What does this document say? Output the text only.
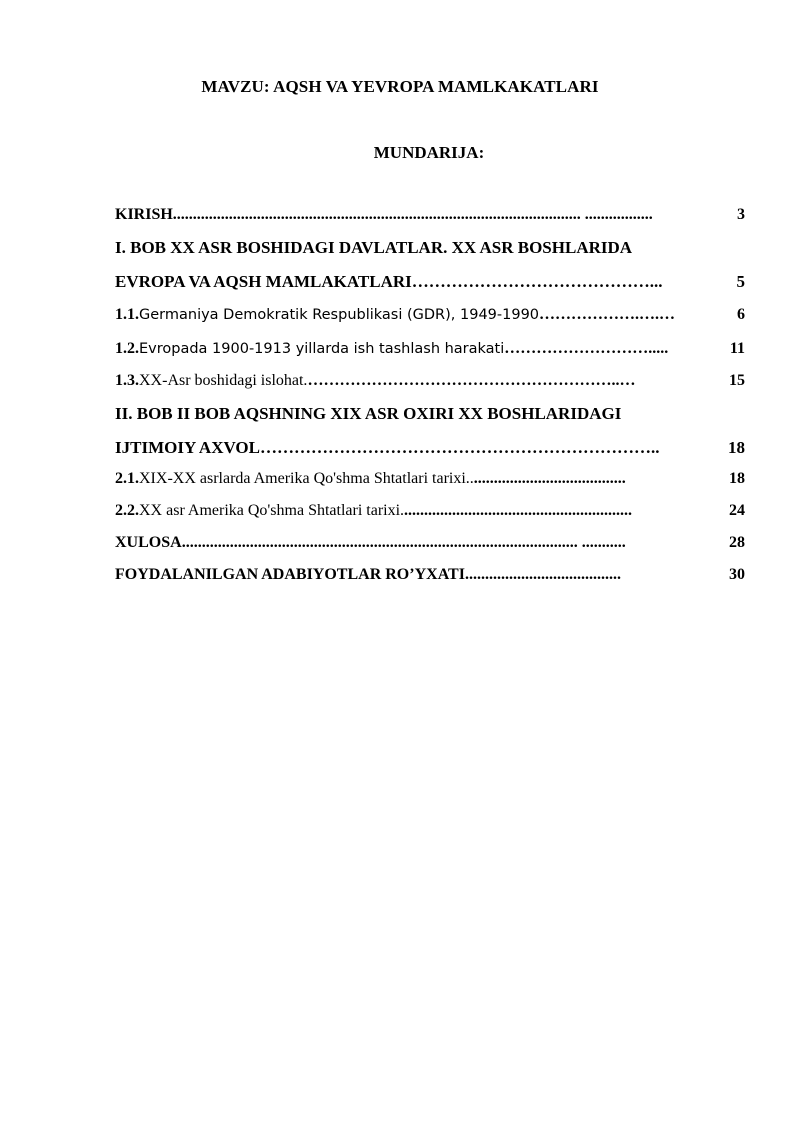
MAVZU: AQSH VA YEVROPA MAMLKAKATLARI
MUNDARIJA:
KIRISH ...................................................................................................... .................	3
I. BOB XX ASR BOSHIDAGI DAVLATLAR. XX ASR BOSHLARIDA
EVROPA VA AQSH MAMLAKATLARI ……………………………………...	5
1.1. Germaniya Demokratik Respublikasi (GDR), 1949-1990 ……………….….…	6
1.2. Evropada 1900-1913 yillarda ish tashlash harakati ……………………….....	11
1.3. XX-Asr boshidagi islohat. …………………………………………………..…	15
II. BOB II BOB AQSHNING XIX ASR OXIRI XX BOSHLARIDAGI
IJTIMOIY AXVOL ……………………………………………………………..	18
2.1. XIX-XX asrlarda Amerika Qo'shma Shtatlari tarixi.. ......................................	18
2.2. XX asr Amerika Qo'shma Shtatlari tarixi. .........................................................	24
XULOSA ................................................................................................... ...........	28
FOYDALANILGAN ADABIYOTLAR RO’YXATI .......................................	30
